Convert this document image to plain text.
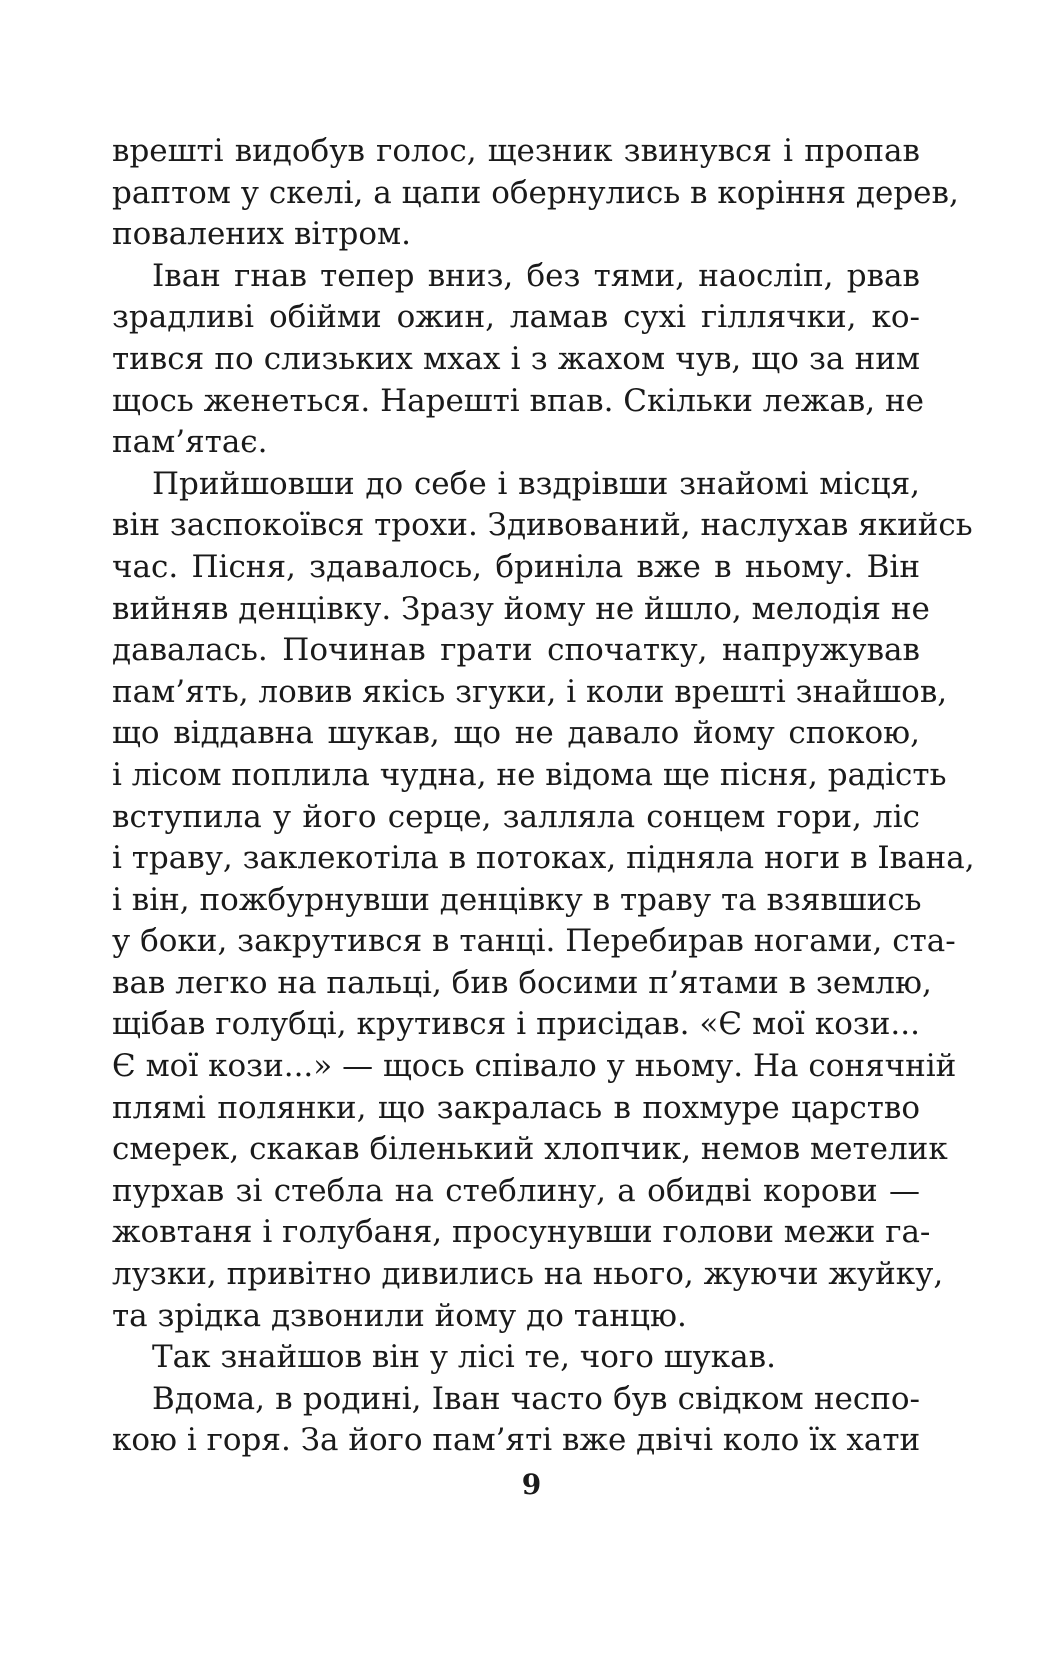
врешті видобув голос, щезник звинувся і пропав
раптом у скелі, а цапи обернулись в коріння дерев,
повалених вітром.
Іван гнав тепер вниз, без тями, наосліп, рвав
зрадливі обійми ожин, ламав сухі гіллячки, ко-
тився по слизьких мхах і з жахом чув, що за ним
щось женеться. Нарешті впав. Скільки лежав, не
пам’ятає.
Прийшовши до себе і вздрівши знайомі місця,
він заспокоївся трохи. Здивований, наслухав якийсь
час. Пісня, здавалось, бриніла вже в ньому. Він
вийняв денцівку. Зразу йому не йшло, мелодія не
давалась. Починав грати спочатку, напружував
пам’ять, ловив якісь згуки, і коли врешті знайшов,
що віддавна шукав, що не давало йому спокою,
і лісом поплила чудна, не відома ще пісня, радість
вступила у його серце, залляла сонцем гори, ліс
і траву, заклекотіла в потоках, підняла ноги в Івана,
і він, пожбурнувши денцівку в траву та взявшись
у боки, закрутився в танці. Перебирав ногами, ста-
вав легко на пальці, бив босими п’ятами в землю,
щібав голубці, крутився і присідав. «Є мої кози...
Є мої кози...» — щось співало у ньому. На сонячній
плямі полянки, що закралась в похмуре царство
смерек, скакав біленький хлопчик, немов метелик
пурхав зі стебла на стеблину, а обидві корови —
жовтаня і голубаня, просунувши голови межи га-
лузки, привітно дивились на нього, жуючи жуйку,
та зрідка дзвонили йому до танцю.
Так знайшов він у лісі те, чого шукав.
Вдома, в родині, Іван часто був свідком неспо-
кою і горя. За його пам’яті вже двічі коло їх хати
9
